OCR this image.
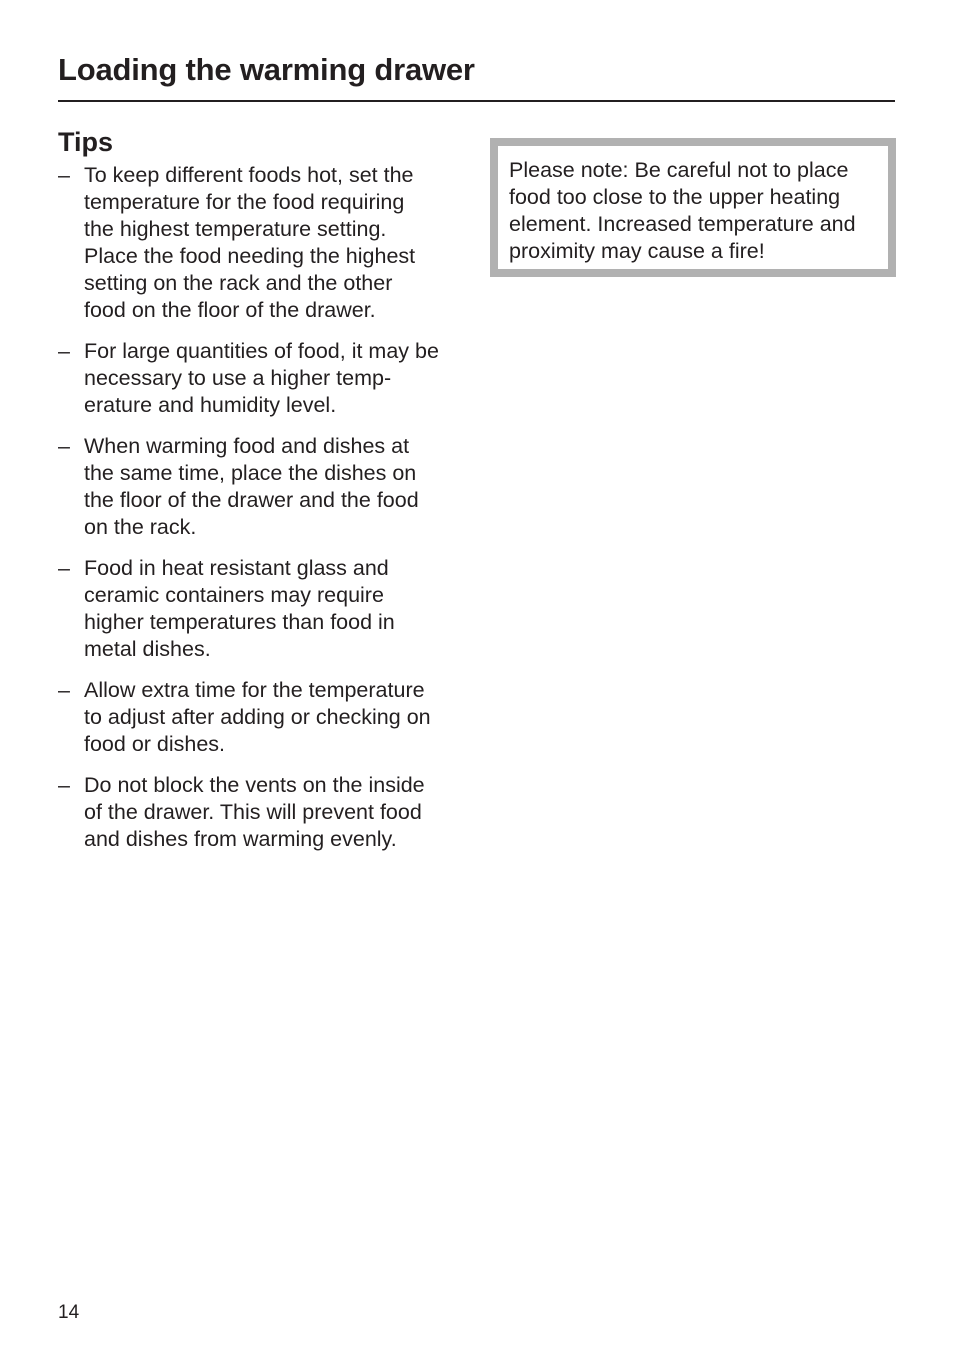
Loading the warming drawer
Tips
– To keep different foods hot, set the
temperature for the food requiring
the highest temperature setting.
Place the food needing the highest
setting on the rack and the other
food on the floor of the drawer.
– For large quantities of food, it may be
necessary to use a higher temp-
erature and humidity level.
– When warming food and dishes at
the same time, place the dishes on
the floor of the drawer and the food
on the rack.
– Food in heat resistant glass and
ceramic containers may require
higher temperatures than food in
metal dishes.
– Allow extra time for the temperature
to adjust after adding or checking on
food or dishes.
– Do not block the vents on the inside
of the drawer. This will prevent food
and dishes from warming evenly.
Please note: Be careful not to place
food too close to the upper heating
element. Increased temperature and
proximity may cause a fire!
14
